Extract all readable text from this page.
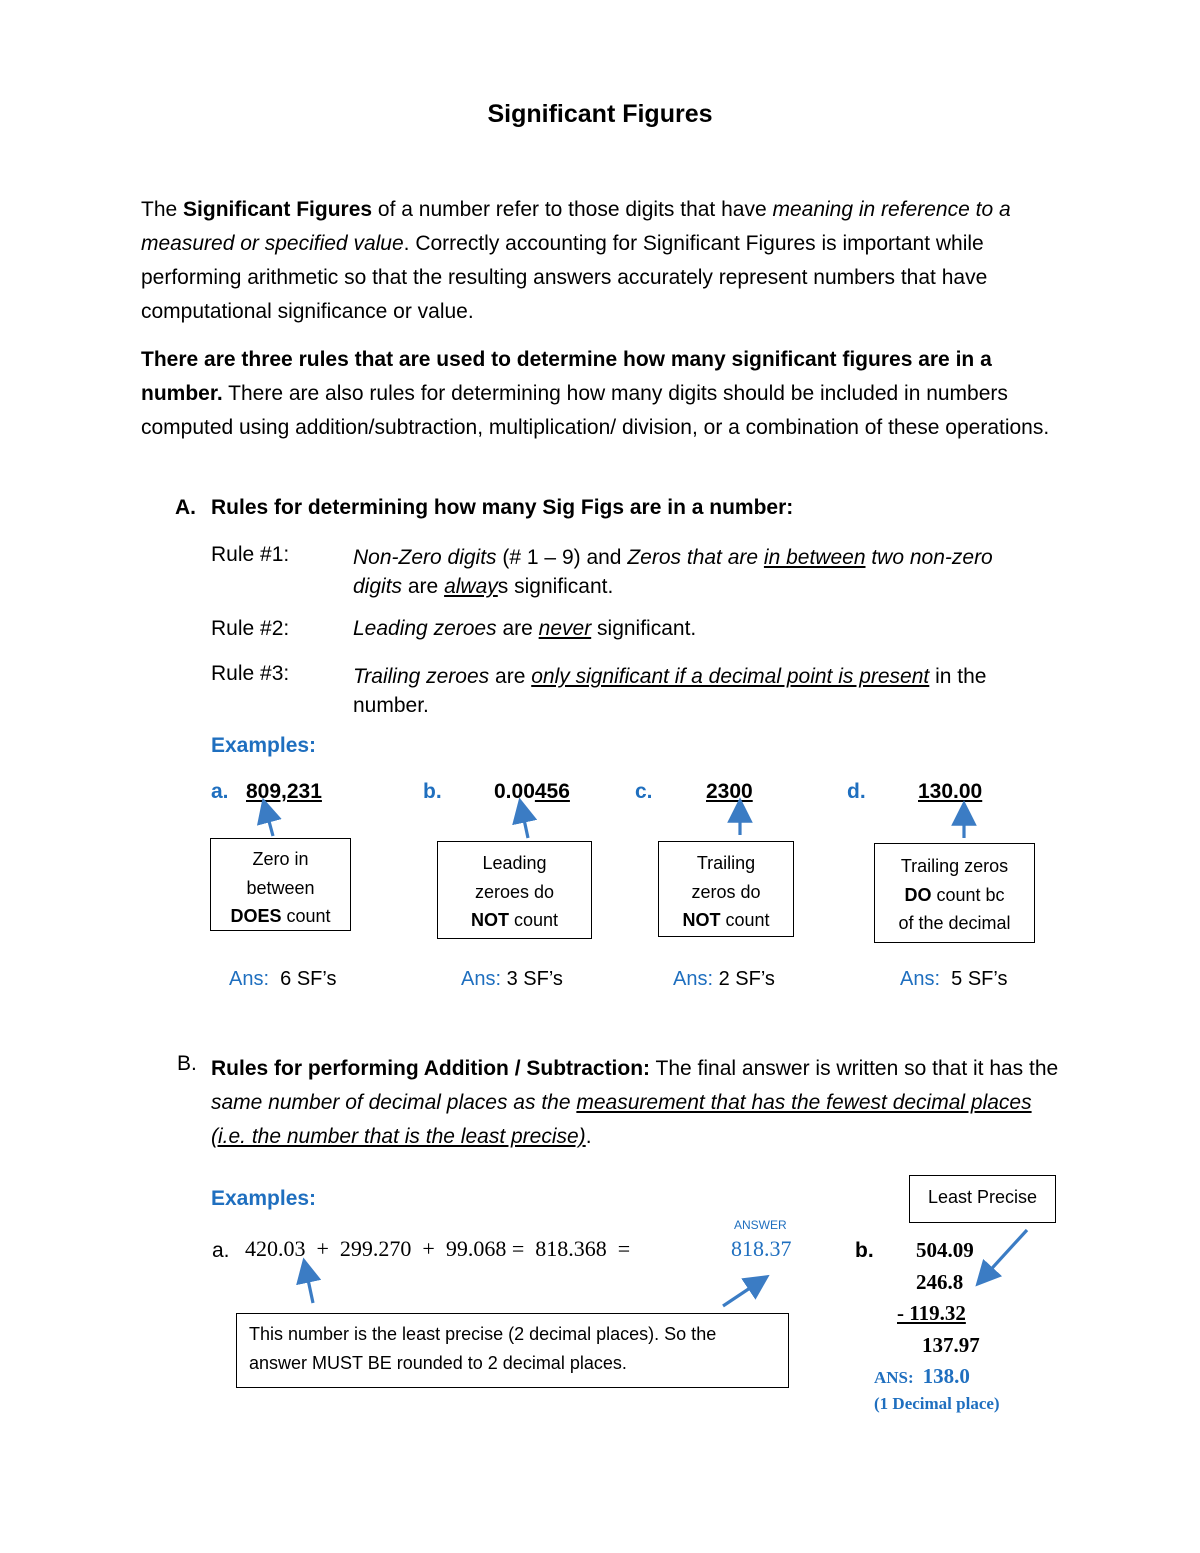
Significant Figures
The Significant Figures of a number refer to those digits that have meaning in reference to a measured or specified value. Correctly accounting for Significant Figures is important while performing arithmetic so that the resulting answers accurately represent numbers that have computational significance or value.
There are three rules that are used to determine how many significant figures are in a number. There are also rules for determining how many digits should be included in numbers computed using addition/subtraction, multiplication/ division, or a combination of these operations.
A. Rules for determining how many Sig Figs are in a number:
Rule #1:	Non-Zero digits (# 1 – 9) and Zeros that are in between two non-zero digits are always significant.
Rule #2:	Leading zeroes are never significant.
Rule #3:	Trailing zeroes are only significant if a decimal point is present in the number.
Examples:
a. 809,231
Zero in
between
DOES count
Ans: 6 SF’s
b. 0.00456
Leading
zeroes do
NOT count
Ans: 3 SF’s
c.	2300
Trailing
zeros do
NOT count
Ans: 2 SF’s
d. 130.00
Trailing zeros
DO count bc
of the decimal
Ans: 5 SF’s
B. Rules for performing Addition / Subtraction: The final answer is written so that it has the same number of decimal places as the measurement that has the fewest decimal places (i.e. the number that is the least precise).
Examples:
a. 420.03  +  299.270  +  99.068 =  818.368  =
ANSWER
818.37
This number is the least precise (2 decimal places). So the answer MUST BE rounded to 2 decimal places.
b. 504.09
246.8
- 119.32
137.97
ANS: 138.0
(1 Decimal place)
Least Precise
